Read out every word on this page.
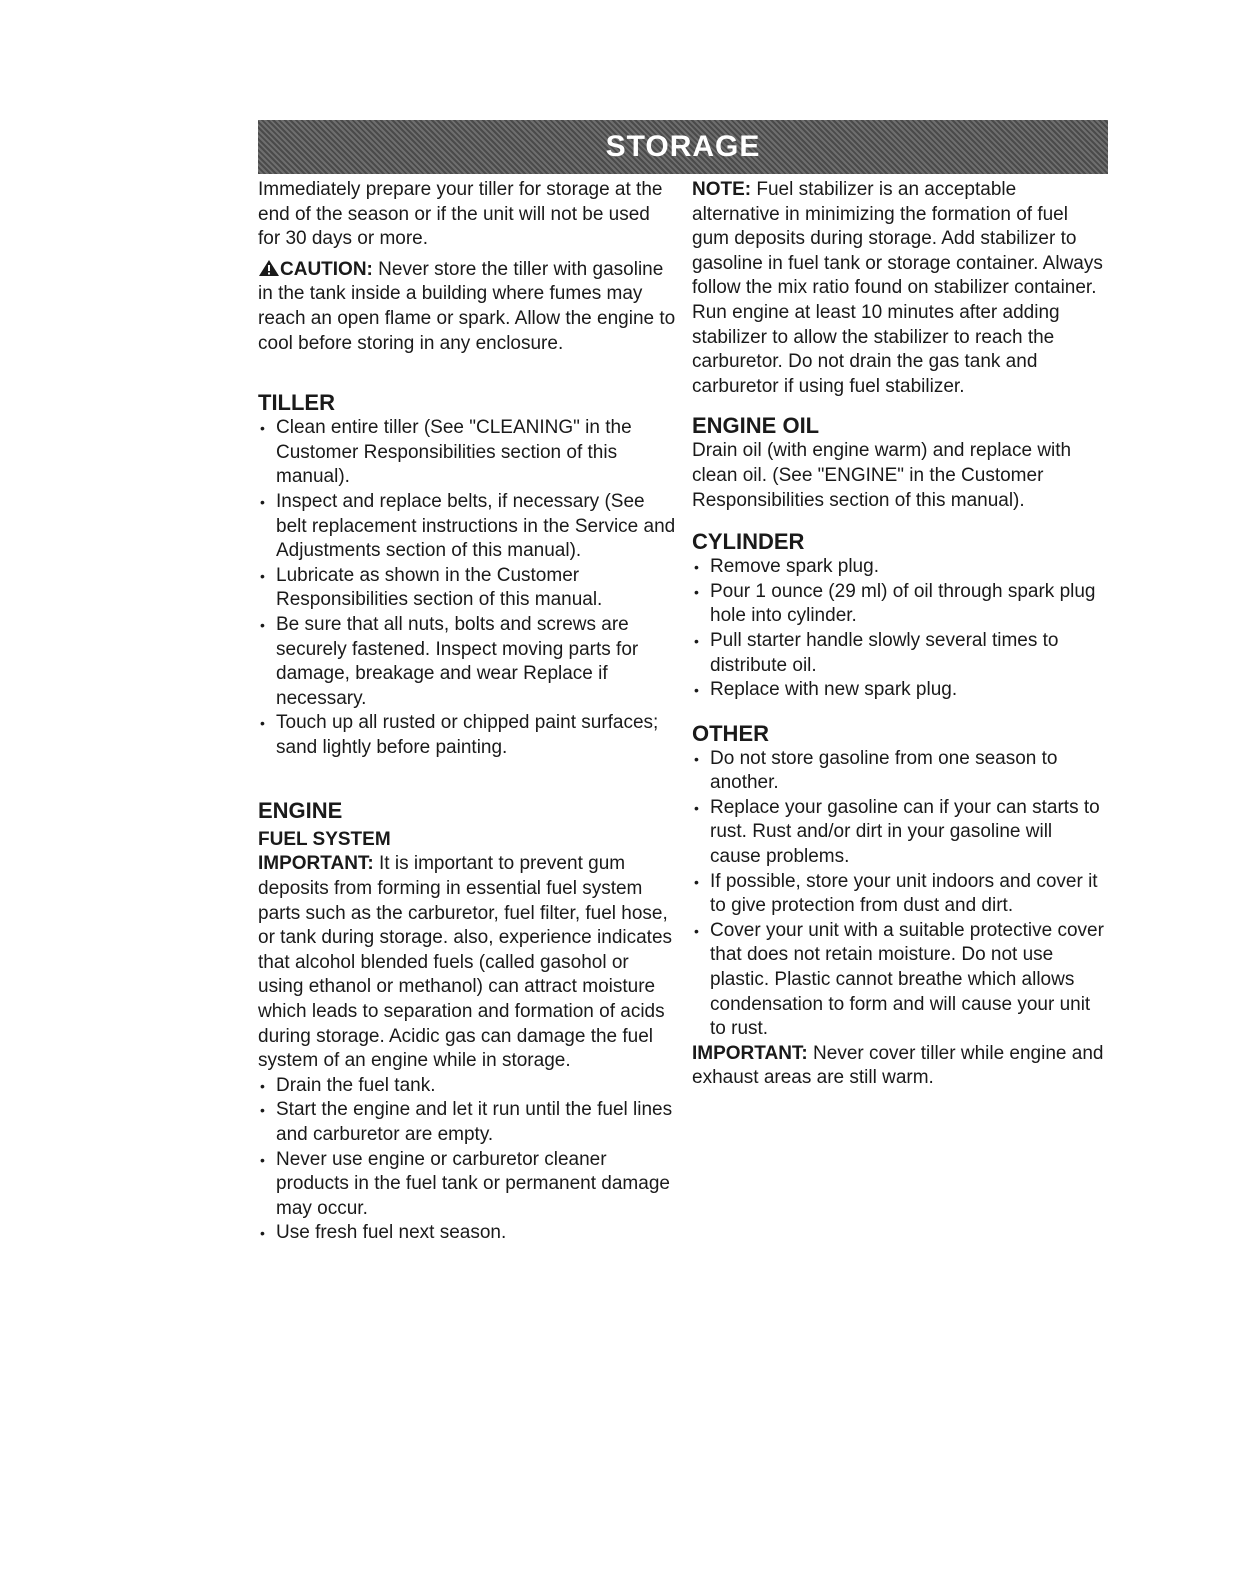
STORAGE

Immediately prepare your tiller for storage at the end of the season or if the unit will not be used for 30 days or more.

CAUTION: Never store the tiller with gasoline in the tank inside a building where fumes may reach an open flame or spark. Allow the engine to cool before storing in any enclosure.

TILLER
• Clean entire tiller (See "CLEANING" in the Customer Responsibilities section of this manual).
• Inspect and replace belts, if necessary (See belt replacement instructions in the Service and Adjustments section of this manual).
• Lubricate as shown in the Customer Responsibilities section of this manual.
• Be sure that all nuts, bolts and screws are securely fastened. Inspect moving parts for damage, breakage and wear Replace if necessary.
• Touch up all rusted or chipped paint surfaces; sand lightly before painting.
ENGINE
FUEL SYSTEM

IMPORTANT: It is important to prevent gum deposits from forming in essential fuel system parts such as the carburetor, fuel filter, fuel hose, or tank during storage. also, experience indicates that alcohol blended fuels (called gasohol or using ethanol or methanol) can attract moisture which leads to separation and formation of acids during storage. Acidic gas can damage the fuel system of an engine while in storage.

• Drain the fuel tank.
• Start the engine and let it run until the fuel lines and carburetor are empty.
• Never use engine or carburetor cleaner products in the fuel tank or permanent damage may occur.
• Use fresh fuel next season.

NOTE: Fuel stabilizer is an acceptable alternative in minimizing the formation of fuel gum deposits during storage. Add stabilizer to gasoline in fuel tank or storage container. Always follow the mix ratio found on stabilizer container. Run engine at least 10 minutes after adding stabilizer to allow the stabilizer to reach the carburetor. Do not drain the gas tank and carburetor if using fuel stabilizer.

ENGINE OIL

Drain oil (with engine warm) and replace with clean oil. (See "ENGINE" in the Customer Responsibilities section of this manual).

CYLINDER
• Remove spark plug.
• Pour 1 ounce (29 ml) of oil through spark plug hole into cylinder.
• Pull starter handle slowly several times to distribute oil.
• Replace with new spark plug.
OTHER
• Do not store gasoline from one season to another.
• Replace your gasoline can if your can starts to rust. Rust and/or dirt in your gasoline will cause problems.
• If possible, store your unit indoors and cover it to give protection from dust and dirt.
• Cover your unit with a suitable protective cover that does not retain moisture. Do not use plastic. Plastic cannot breathe which allows condensation to form and will cause your unit to rust.

IMPORTANT: Never cover tiller while engine and exhaust areas are still warm.
